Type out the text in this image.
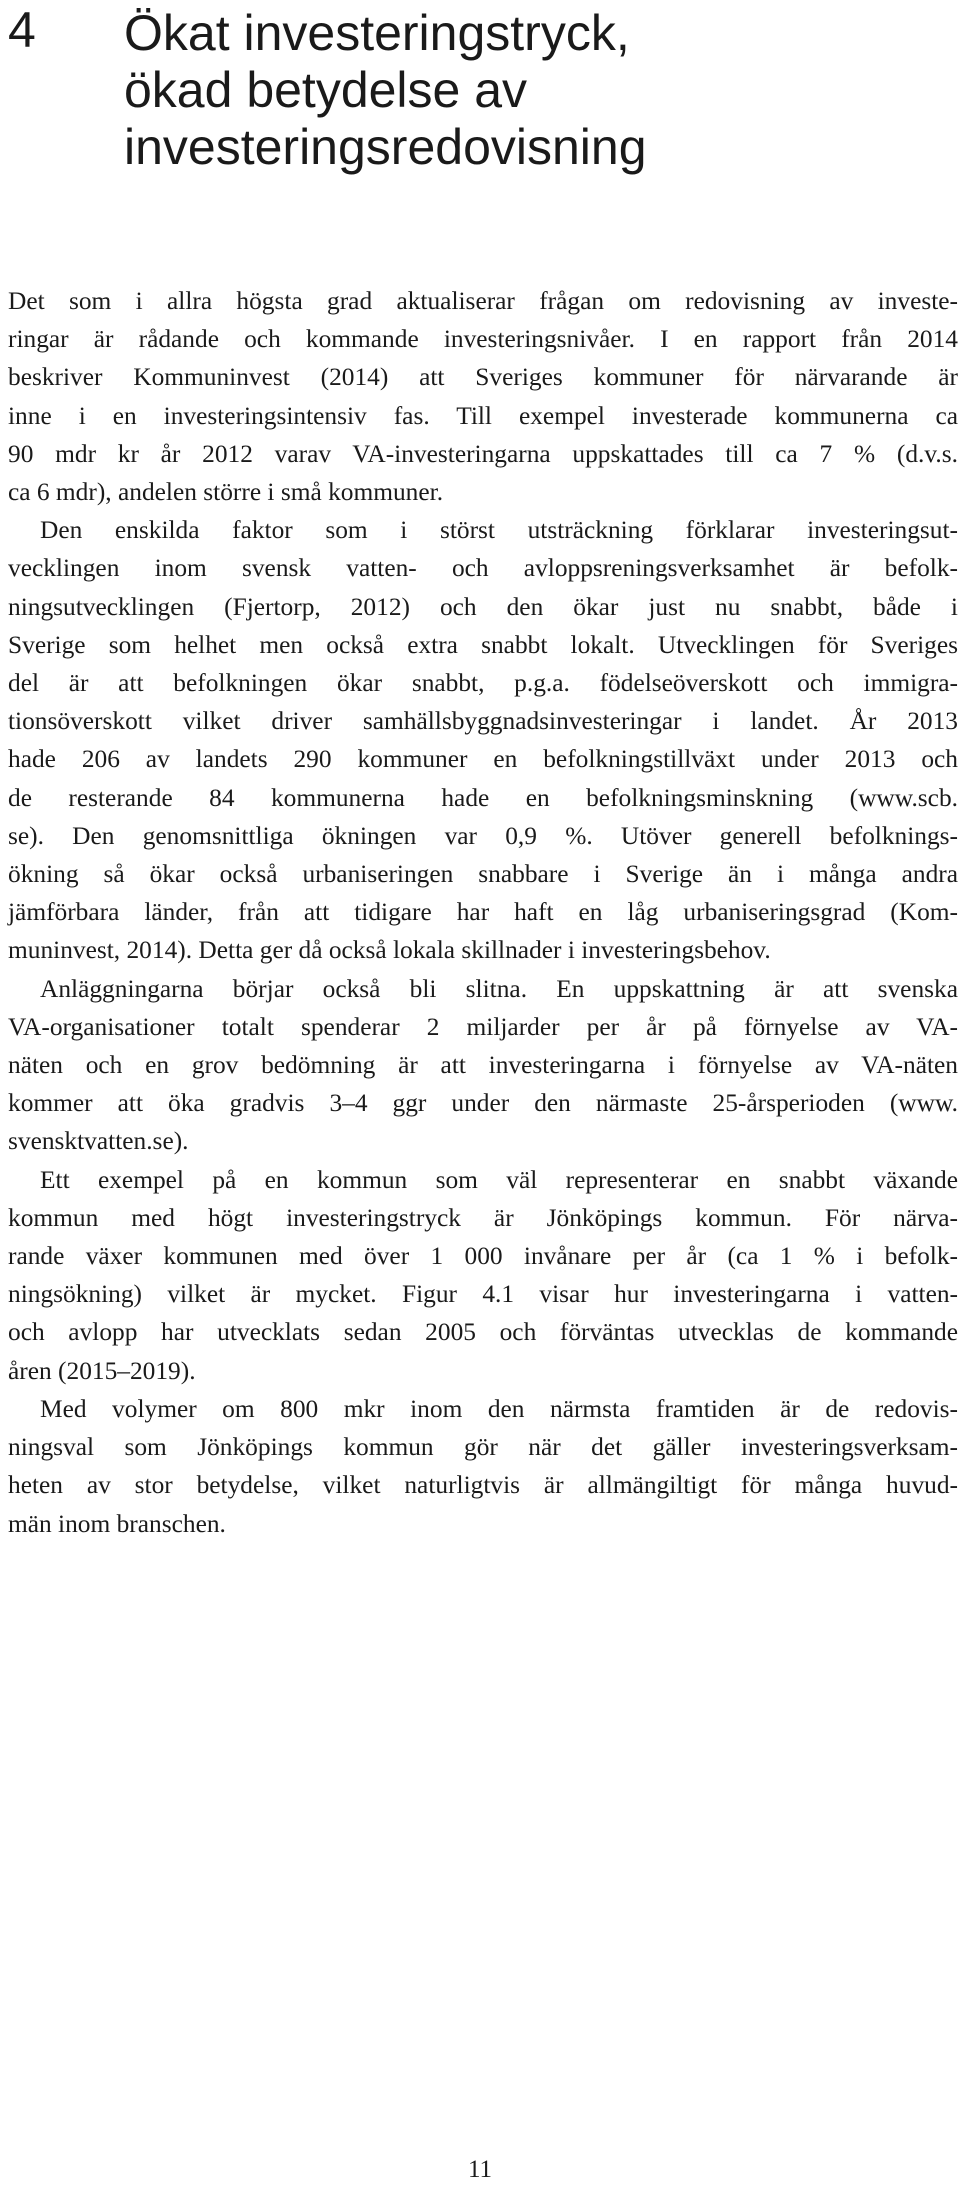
4 Ökat investeringstryck,
ökad betydelse av
investeringsredovisning

Det som i allra högsta grad aktualiserar frågan om redovisning av investe-
ringar är rådande och kommande investeringsnivåer. I en rapport från 2014
beskriver Kommuninvest (2014) att Sveriges kommuner för närvarande är
inne i en investeringsintensiv fas. Till exempel investerade kommunerna ca
90 mdr kr år 2012 varav VA-investeringarna uppskattades till ca 7 % (d.v.s.
ca 6 mdr), andelen större i små kommuner.

Den enskilda faktor som i störst utsträckning förklarar investeringsut-
vecklingen inom svensk vatten- och avloppsreningsverksamhet är befolk-
ningsutvecklingen (Fjertorp, 2012) och den ökar just nu snabbt, både i
Sverige som helhet men också extra snabbt lokalt. Utvecklingen för Sveriges
del är att befolkningen ökar snabbt, p.g.a. födelseöverskott och immigra-
tionsöverskott vilket driver samhällsbyggnadsinvesteringar i landet. År 2013
hade 206 av landets 290 kommuner en befolkningstillväxt under 2013 och
de resterande 84 kommunerna hade en befolkningsminskning (www.scb.
se). Den genomsnittliga ökningen var 0,9 %. Utöver generell befolknings-
ökning så ökar också urbaniseringen snabbare i Sverige än i många andra
jämförbara länder, från att tidigare har haft en låg urbaniseringsgrad (Kom-
muninvest, 2014). Detta ger då också lokala skillnader i investeringsbehov.

Anläggningarna börjar också bli slitna. En uppskattning är att svenska
VA-organisationer totalt spenderar 2 miljarder per år på förnyelse av VA-
näten och en grov bedömning är att investeringarna i förnyelse av VA-näten
kommer att öka gradvis 3–4 ggr under den närmaste 25-årsperioden (www.
svensktvatten.se).

Ett exempel på en kommun som väl representerar en snabbt växande
kommun med högt investeringstryck är Jönköpings kommun. För närva-
rande växer kommunen med över 1 000 invånare per år (ca 1 % i befolk-
ningsökning) vilket är mycket. Figur 4.1 visar hur investeringarna i vatten-
och avlopp har utvecklats sedan 2005 och förväntas utvecklas de kommande
åren (2015–2019).

Med volymer om 800 mkr inom den närmsta framtiden är de redovis-
ningsval som Jönköpings kommun gör när det gäller investeringsverksam-
heten av stor betydelse, vilket naturligtvis är allmängiltigt för många huvud-
män inom branschen.

11
